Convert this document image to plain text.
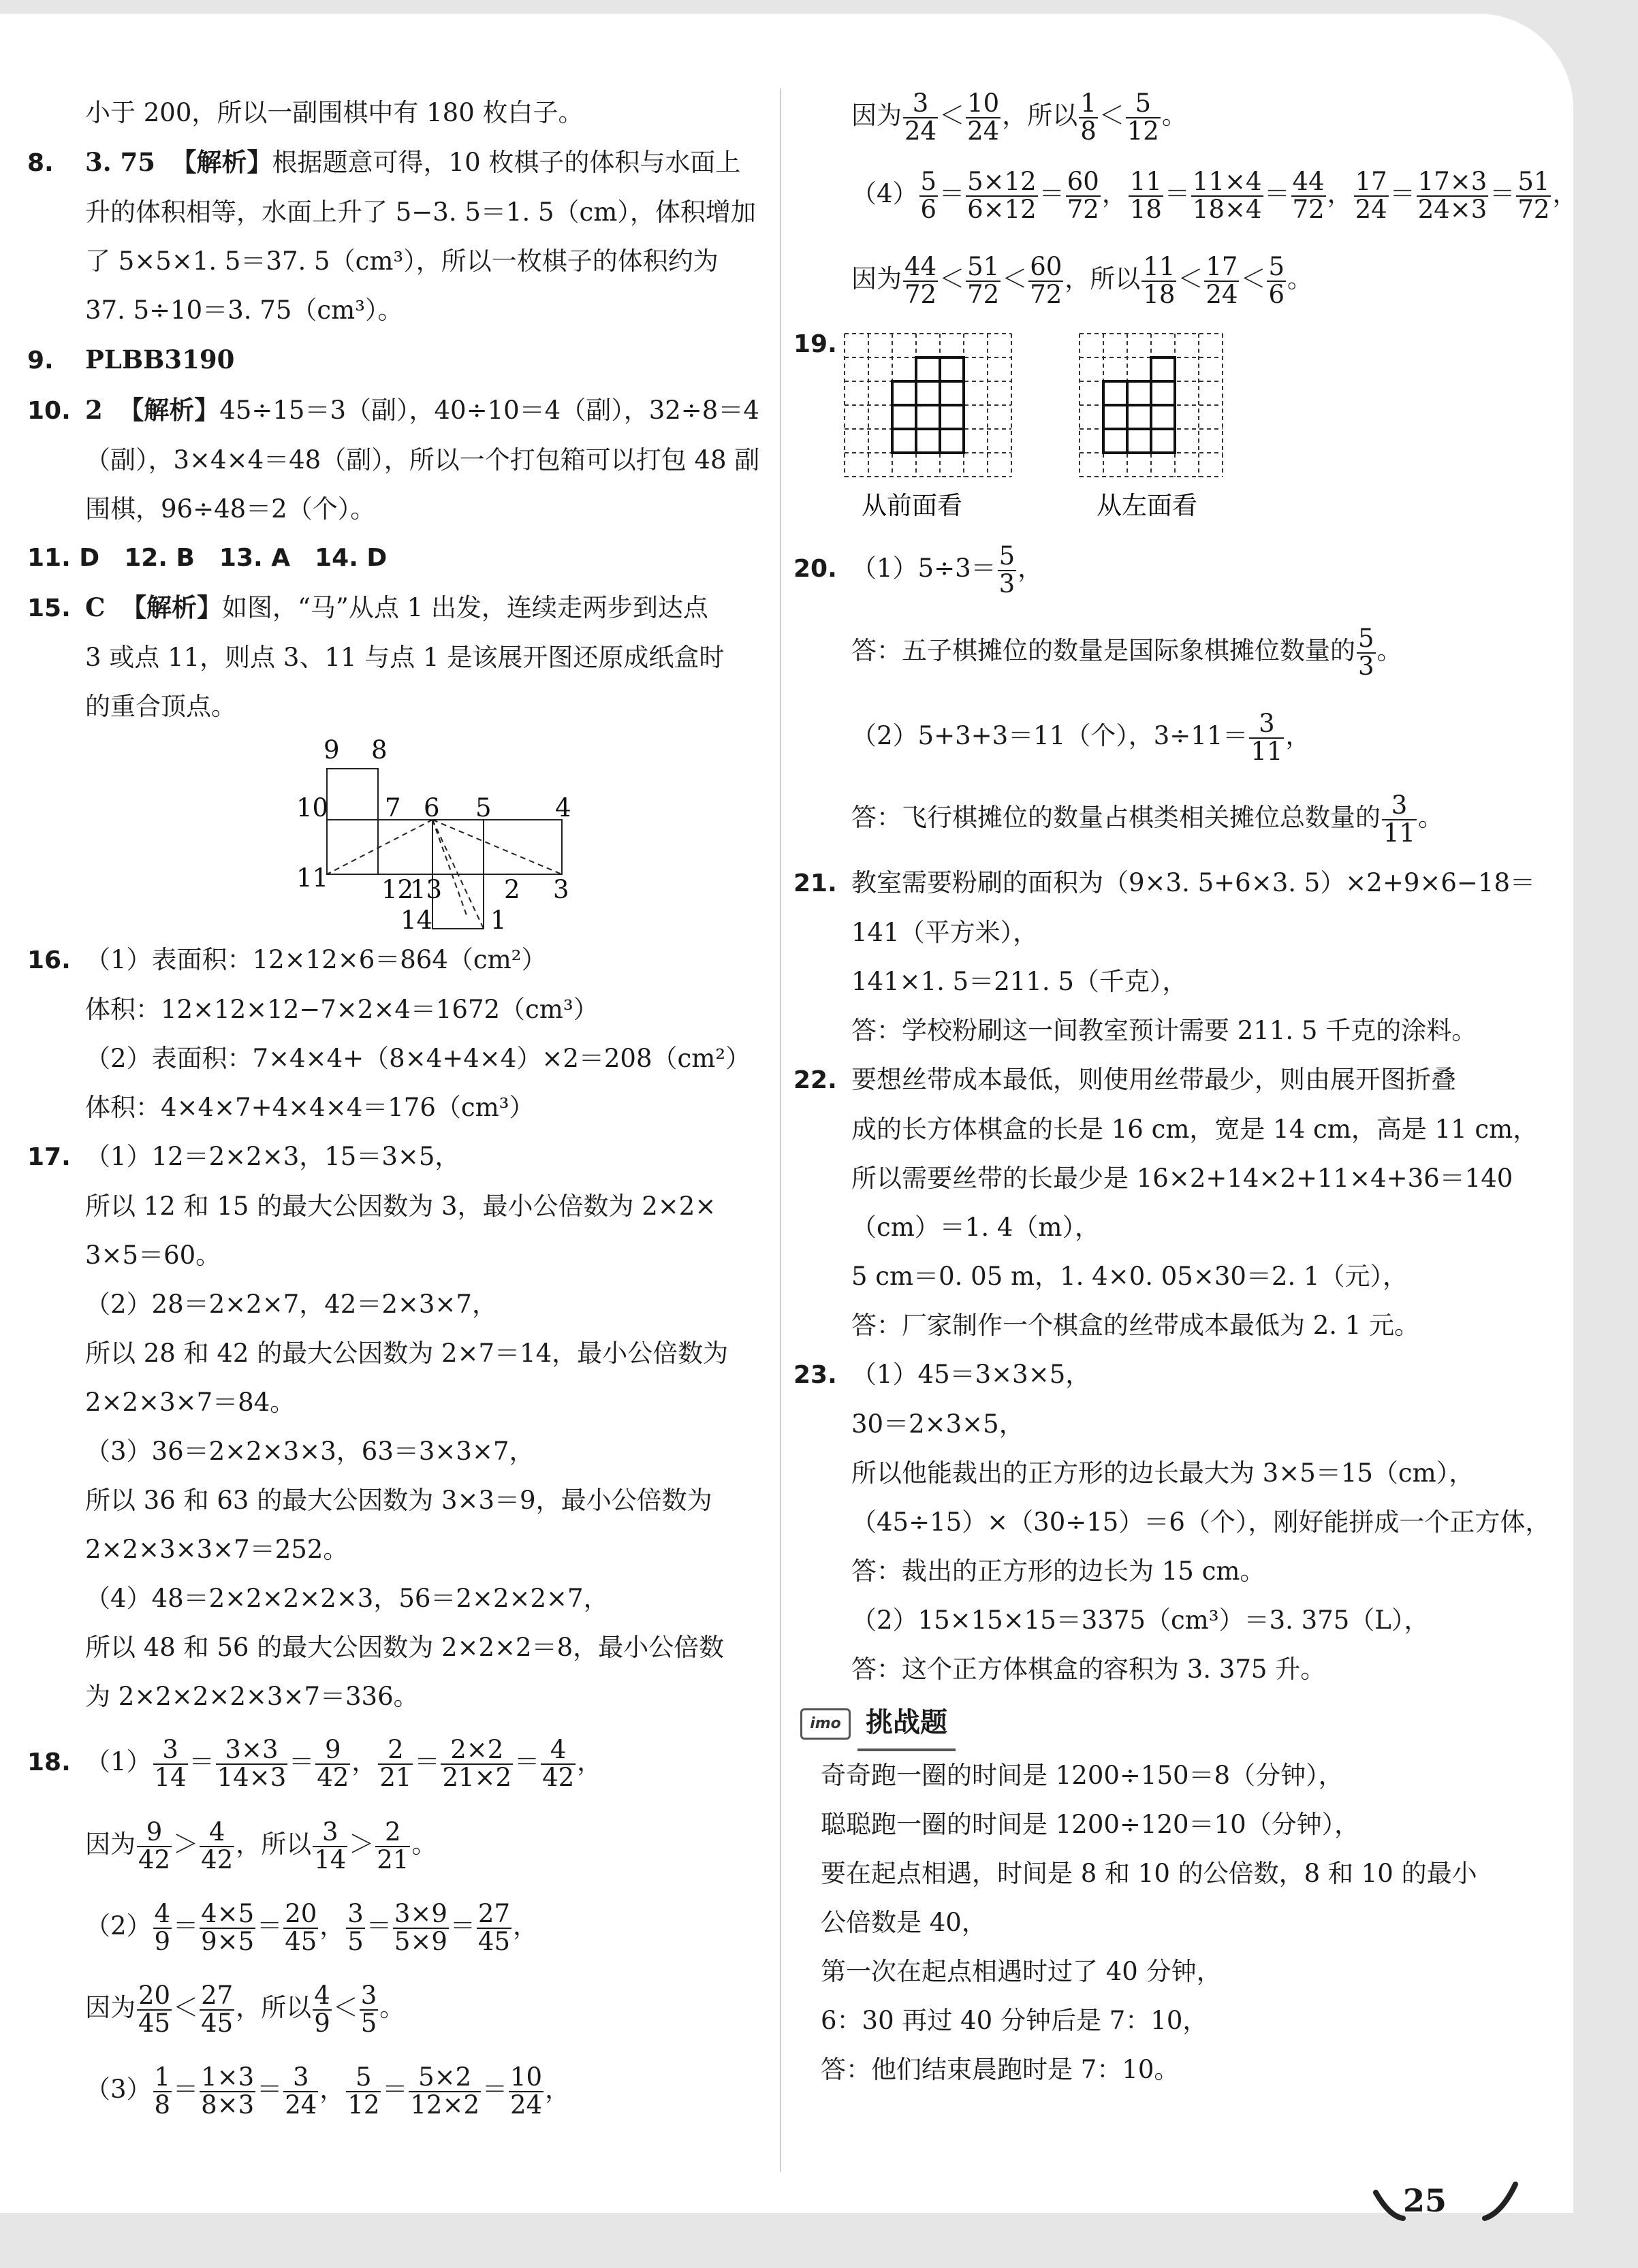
小于 200，所以一副围棋中有 180 枚白子。
8. 3. 75 【解析】根据题意可得，10 枚棋子的体积与水面上
升的体积相等，水面上升了 5−3. 5＝1. 5（cm），体积增加
了 5×5×1. 5＝37. 5（cm³），所以一枚棋子的体积约为
37. 5÷10＝3. 75（cm³）。
9. PLBB3190
10. 2 【解析】45÷15＝3（副），40÷10＝4（副），32÷8＝4
（副），3×4×4＝48（副），所以一个打包箱可以打包 48 副
围棋，96÷48＝2（个）。
11. D　12. B　13. A　14. D
15. C 【解析】如图，“马”从点 1 出发，连续走两步到达点
3 或点 11，则点 3、11 与点 1 是该展开图还原成纸盒时
的重合顶点。
9 8
10 7 6 5	4
11 12
13 2 3
14 1
16. （1）表面积：12×12×6＝864（cm²）
体积：12×12×12−7×2×4＝1672（cm³）
（2）表面积：7×4×4+（8×4+4×4）×2＝208（cm²）
体积：4×4×7+4×4×4＝176（cm³）
17. （1）12＝2×2×3，15＝3×5，
所以 12 和 15 的最大公因数为 3，最小公倍数为 2×2×
3×5＝60。
（2）28＝2×2×7，42＝2×3×7，
所以 28 和 42 的最大公因数为 2×7＝14，最小公倍数为
2×2×3×7＝84。
（3）36＝2×2×3×3，63＝3×3×7，
所以 36 和 63 的最大公因数为 3×3＝9，最小公倍数为
2×2×3×3×7＝252。
（4）48＝2×2×2×2×3，56＝2×2×2×7，
所以 48 和 56 的最大公因数为 2×2×2＝8，最小公倍数
为 2×2×2×2×3×7＝336。
18. $(1) \frac{3}{14} = \frac{3\times 3}{14\times 3} = \frac{9}{42}$ ， $\frac{2}{21} = \frac{2\times 2}{21\times 2} = \frac{4}{42}$ ，
因为 $\frac{9}{42} > \frac{4}{42}$ ，所以 $\frac{3}{14} > \frac{2}{21}$ 。
$(2) \frac{4}{9} = \frac{4\times 5}{9\times 5} = \frac{20}{45}$ ， $\frac{3}{5} = \frac{3\times 9}{5\times 9} = \frac{27}{45}$ ，
因为 $\frac{20}{45} < \frac{27}{45}$ ，所以 $\frac{4}{9} < \frac{3}{5}$ 。
$(3) \frac{1}{8} = \frac{1\times 3}{8\times 3} = \frac{3}{24}$ ， $\frac{5}{12} = \frac{5\times 2}{12\times 2} = \frac{10}{24}$ ，
因为 $\frac{3}{24} < \frac{10}{24}$ ，所以 $\frac{1}{8} < \frac{5}{12}$ 。
$(4) \frac{5}{6} = \frac{5\times 12}{6\times 12} = \frac{60}{72}$ ， $\frac{11}{18} = \frac{11\times 4}{18\times 4} = \frac{44}{72}$ ， $\frac{17}{24} = \frac{17\times 3}{24\times 3} = \frac{51}{72}$ ，
因为 $\frac{44}{72} < \frac{51}{72} < \frac{60}{72}$ ，所以 $\frac{11}{18} < \frac{17}{24} < \frac{5}{6}$ 。
19.
从前面看	从左面看
20. $(1)5\div 3= \frac{5}{3}$ ，
答：五子棋摊位的数量是国际象棋摊位数量的 $\frac{5}{3}$ 。
（2）5+3+3＝11（个），$3\div 11= \frac{3}{11}$ ，
答：飞行棋摊位的数量占棋类相关摊位总数量的 $\frac{3}{11}$ 。
21. 教室需要粉刷的面积为（9×3. 5+6×3. 5）×2+9×6−18＝
141（平方米），
141×1. 5＝211. 5（千克），
答：学校粉刷这一间教室预计需要 211. 5 千克的涂料。
22. 要想丝带成本最低，则使用丝带最少，则由展开图折叠
成的长方体棋盒的长是 16 cm，宽是 14 cm，高是 11 cm，
所以需要丝带的长最少是 16×2+14×2+11×4+36＝140
（cm）＝1. 4（m），
5 cm＝0. 05 m，1. 4×0. 05×30＝2. 1（元），
答：厂家制作一个棋盒的丝带成本最低为 2. 1 元。
23. （1）45＝3×3×5，
30＝2×3×5，
所以他能裁出的正方形的边长最大为 3×5＝15（cm），
（45÷15）×（30÷15）＝6（个），刚好能拼成一个正方体，
答：裁出的正方形的边长为 15 cm。
（2）15×15×15＝3375（cm³）＝3. 375（L），
答：这个正方体棋盒的容积为 3. 375 升。
imo 挑战题
奇奇跑一圈的时间是 1200÷150＝8（分钟），
聪聪跑一圈的时间是 1200÷120＝10（分钟），
要在起点相遇，时间是 8 和 10 的公倍数，8 和 10 的最小
公倍数是 40，
第一次在起点相遇时过了 40 分钟，
6：30 再过 40 分钟后是 7：10，
答：他们结束晨跑时是 7：10。
25
